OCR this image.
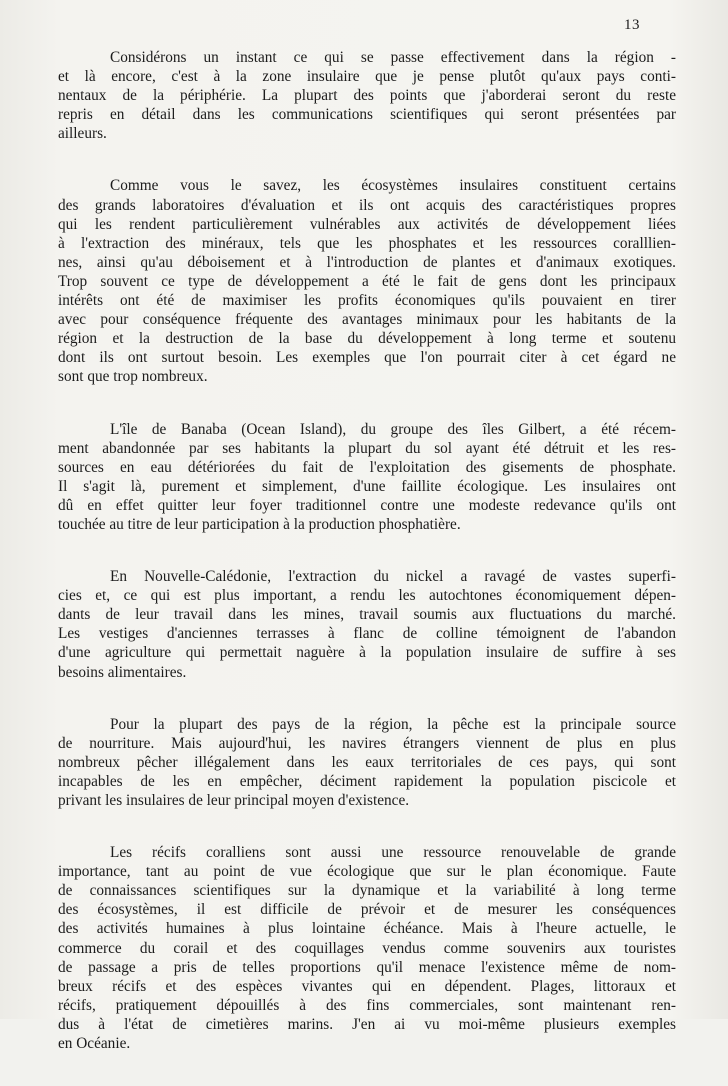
13

Considérons un instant ce qui se passe effectivement dans la région -
et là encore, c'est à la zone insulaire que je pense plutôt qu'aux pays conti-
nentaux de la périphérie. La plupart des points que j'aborderai seront du reste
repris en détail dans les communications scientifiques qui seront présentées par
ailleurs.

Comme vous le savez, les écosystèmes insulaires constituent certains
des grands laboratoires d'évaluation et ils ont acquis des caractéristiques propres
qui les rendent particulièrement vulnérables aux activités de développement liées
à l'extraction des minéraux, tels que les phosphates et les ressources coralllien-
nes, ainsi qu'au déboisement et à l'introduction de plantes et d'animaux exotiques.
Trop souvent ce type de développement a été le fait de gens dont les principaux
intérêts ont été de maximiser les profits économiques qu'ils pouvaient en tirer
avec pour conséquence fréquente des avantages minimaux pour les habitants de la
région et la destruction de la base du développement à long terme et soutenu
dont ils ont surtout besoin. Les exemples que l'on pourrait citer à cet égard ne
sont que trop nombreux.

L'île de Banaba (Ocean Island), du groupe des îles Gilbert, a été récem-
ment abandonnée par ses habitants la plupart du sol ayant été détruit et les res-
sources en eau détériorées du fait de l'exploitation des gisements de phosphate.
Il s'agit là, purement et simplement, d'une faillite écologique. Les insulaires ont
dû en effet quitter leur foyer traditionnel contre une modeste redevance qu'ils ont
touchée au titre de leur participation à la production phosphatière.

En Nouvelle-Calédonie, l'extraction du nickel a ravagé de vastes superfi-
cies et, ce qui est plus important, a rendu les autochtones économiquement dépen-
dants de leur travail dans les mines, travail soumis aux fluctuations du marché.
Les vestiges d'anciennes terrasses à flanc de colline témoignent de l'abandon
d'une agriculture qui permettait naguère à la population insulaire de suffire à ses
besoins alimentaires.

Pour la plupart des pays de la région, la pêche est la principale source
de nourriture. Mais aujourd'hui, les navires étrangers viennent de plus en plus
nombreux pêcher illégalement dans les eaux territoriales de ces pays, qui sont
incapables de les en empêcher, déciment rapidement la population piscicole et
privant les insulaires de leur principal moyen d'existence.

Les récifs coralliens sont aussi une ressource renouvelable de grande
importance, tant au point de vue écologique que sur le plan économique. Faute
de connaissances scientifiques sur la dynamique et la variabilité à long terme
des écosystèmes, il est difficile de prévoir et de mesurer les conséquences
des activités humaines à plus lointaine échéance. Mais à l'heure actuelle, le
commerce du corail et des coquillages vendus comme souvenirs aux touristes
de passage a pris de telles proportions qu'il menace l'existence même de nom-
breux récifs et des espèces vivantes qui en dépendent. Plages, littoraux et
récifs, pratiquement dépouillés à des fins commerciales, sont maintenant ren-
dus à l'état de cimetières marins. J'en ai vu moi-même plusieurs exemples
en Océanie.
